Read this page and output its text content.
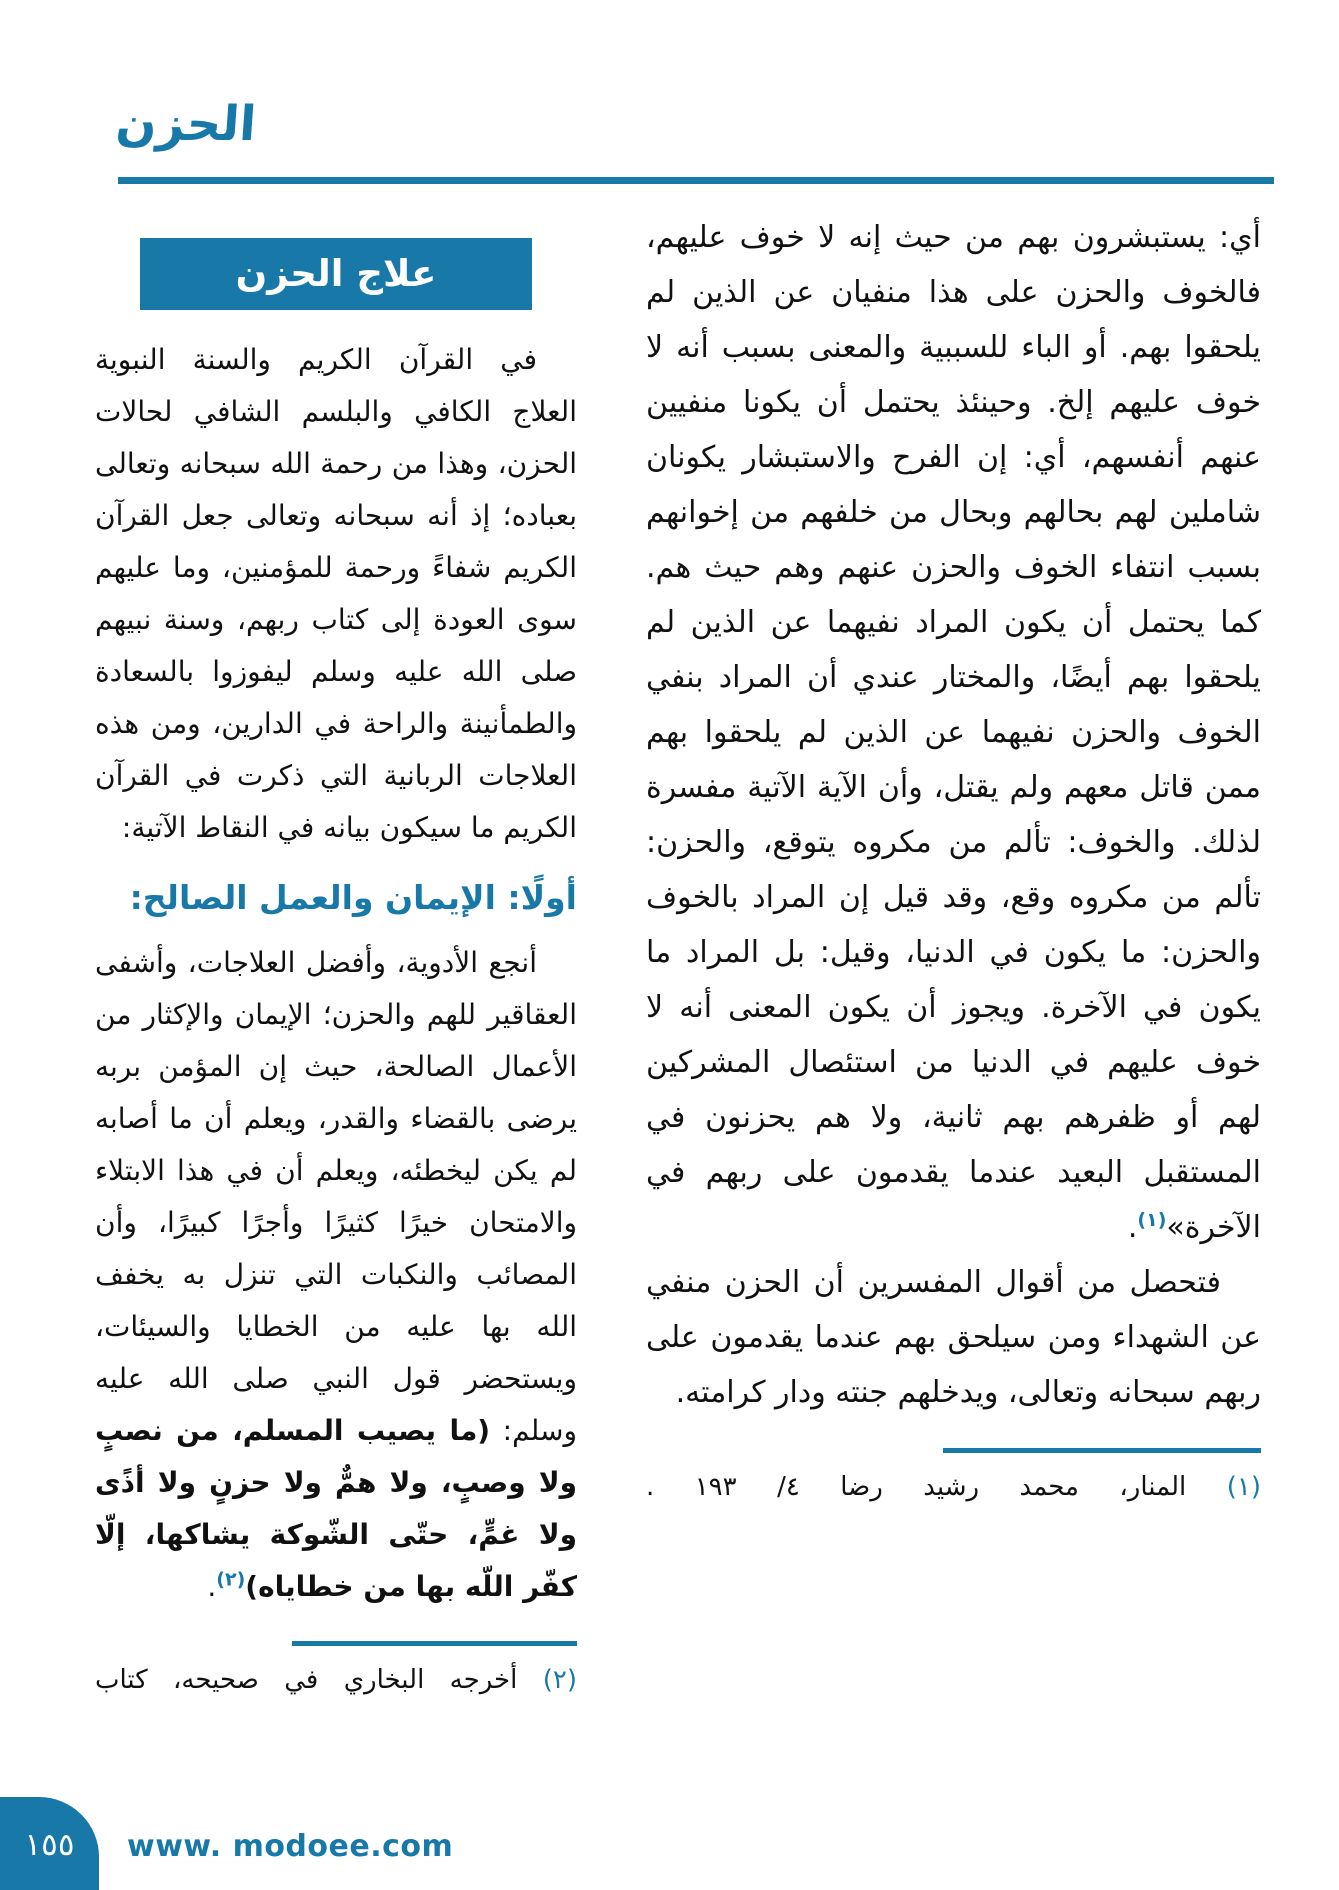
الحزن

أي: يستبشرون بهم من حيث إنه لا خوف عليهم، فالخوف والحزن على هذا منفيان عن الذين لم يلحقوا بهم. أو الباء للسببية والمعنى بسبب أنه لا خوف عليهم إلخ. وحينئذ يحتمل أن يكونا منفيين عنهم أنفسهم، أي: إن الفرح والاستبشار يكونان شاملين لهم بحالهم وبحال من خلفهم من إخوانهم بسبب انتفاء الخوف والحزن عنهم وهم حيث هم. كما يحتمل أن يكون المراد نفيهما عن الذين لم يلحقوا بهم أيضًا، والمختار عندي أن المراد بنفي الخوف والحزن نفيهما عن الذين لم يلحقوا بهم ممن قاتل معهم ولم يقتل، وأن الآية الآتية مفسرة لذلك. والخوف: تألم من مكروه يتوقع، والحزن: تألم من مكروه وقع، وقد قيل إن المراد بالخوف والحزن: ما يكون في الدنيا، وقيل: بل المراد ما يكون في الآخرة. ويجوز أن يكون المعنى أنه لا خوف عليهم في الدنيا من استئصال المشركين لهم أو ظفرهم بهم ثانية، ولا هم يحزنون في المستقبل البعيد عندما يقدمون على ربهم في الآخرة»$^{(١)}$.

فتحصل من أقوال المفسرين أن الحزن منفي عن الشهداء ومن سيلحق بهم عندما يقدمون على ربهم سبحانه وتعالى، ويدخلهم جنته ودار كرامته.

(١) المنار، محمد رشيد رضا ٤/ ١٩٣ .

علاج الحزن

في القرآن الكريم والسنة النبوية العلاج الكافي والبلسم الشافي لحالات الحزن، وهذا من رحمة الله سبحانه وتعالى بعباده؛ إذ أنه سبحانه وتعالى جعل القرآن الكريم شفاءً ورحمة للمؤمنين، وما عليهم سوى العودة إلى كتاب ربهم، وسنة نبيهم صلى الله عليه وسلم ليفوزوا بالسعادة والطمأنينة والراحة في الدارين، ومن هذه العلاجات الربانية التي ذكرت في القرآن الكريم ما سيكون بيانه في النقاط الآتية:

أولًا: الإيمان والعمل الصالح:

أنجع الأدوية، وأفضل العلاجات، وأشفى العقاقير للهم والحزن؛ الإيمان والإكثار من الأعمال الصالحة، حيث إن المؤمن بربه يرضى بالقضاء والقدر، ويعلم أن ما أصابه لم يكن ليخطئه، ويعلم أن في هذا الابتلاء والامتحان خيرًا كثيرًا وأجرًا كبيرًا، وأن المصائب والنكبات التي تنزل به يخفف الله بها عليه من الخطايا والسيئات، ويستحضر قول النبي صلى الله عليه وسلم: (ما يصيب المسلم، من نصبٍ ولا وصبٍ، ولا همٌّ ولا حزنٍ ولا أذًى ولا غمٍّ، حتّى الشّوكة يشاكها، إلّا كفّر اللّه بها من خطاياه)$^{(٢)}$.

(٢) أخرجه البخاري في صحيحه، كتاب

١٥٥	www. modoee.com
